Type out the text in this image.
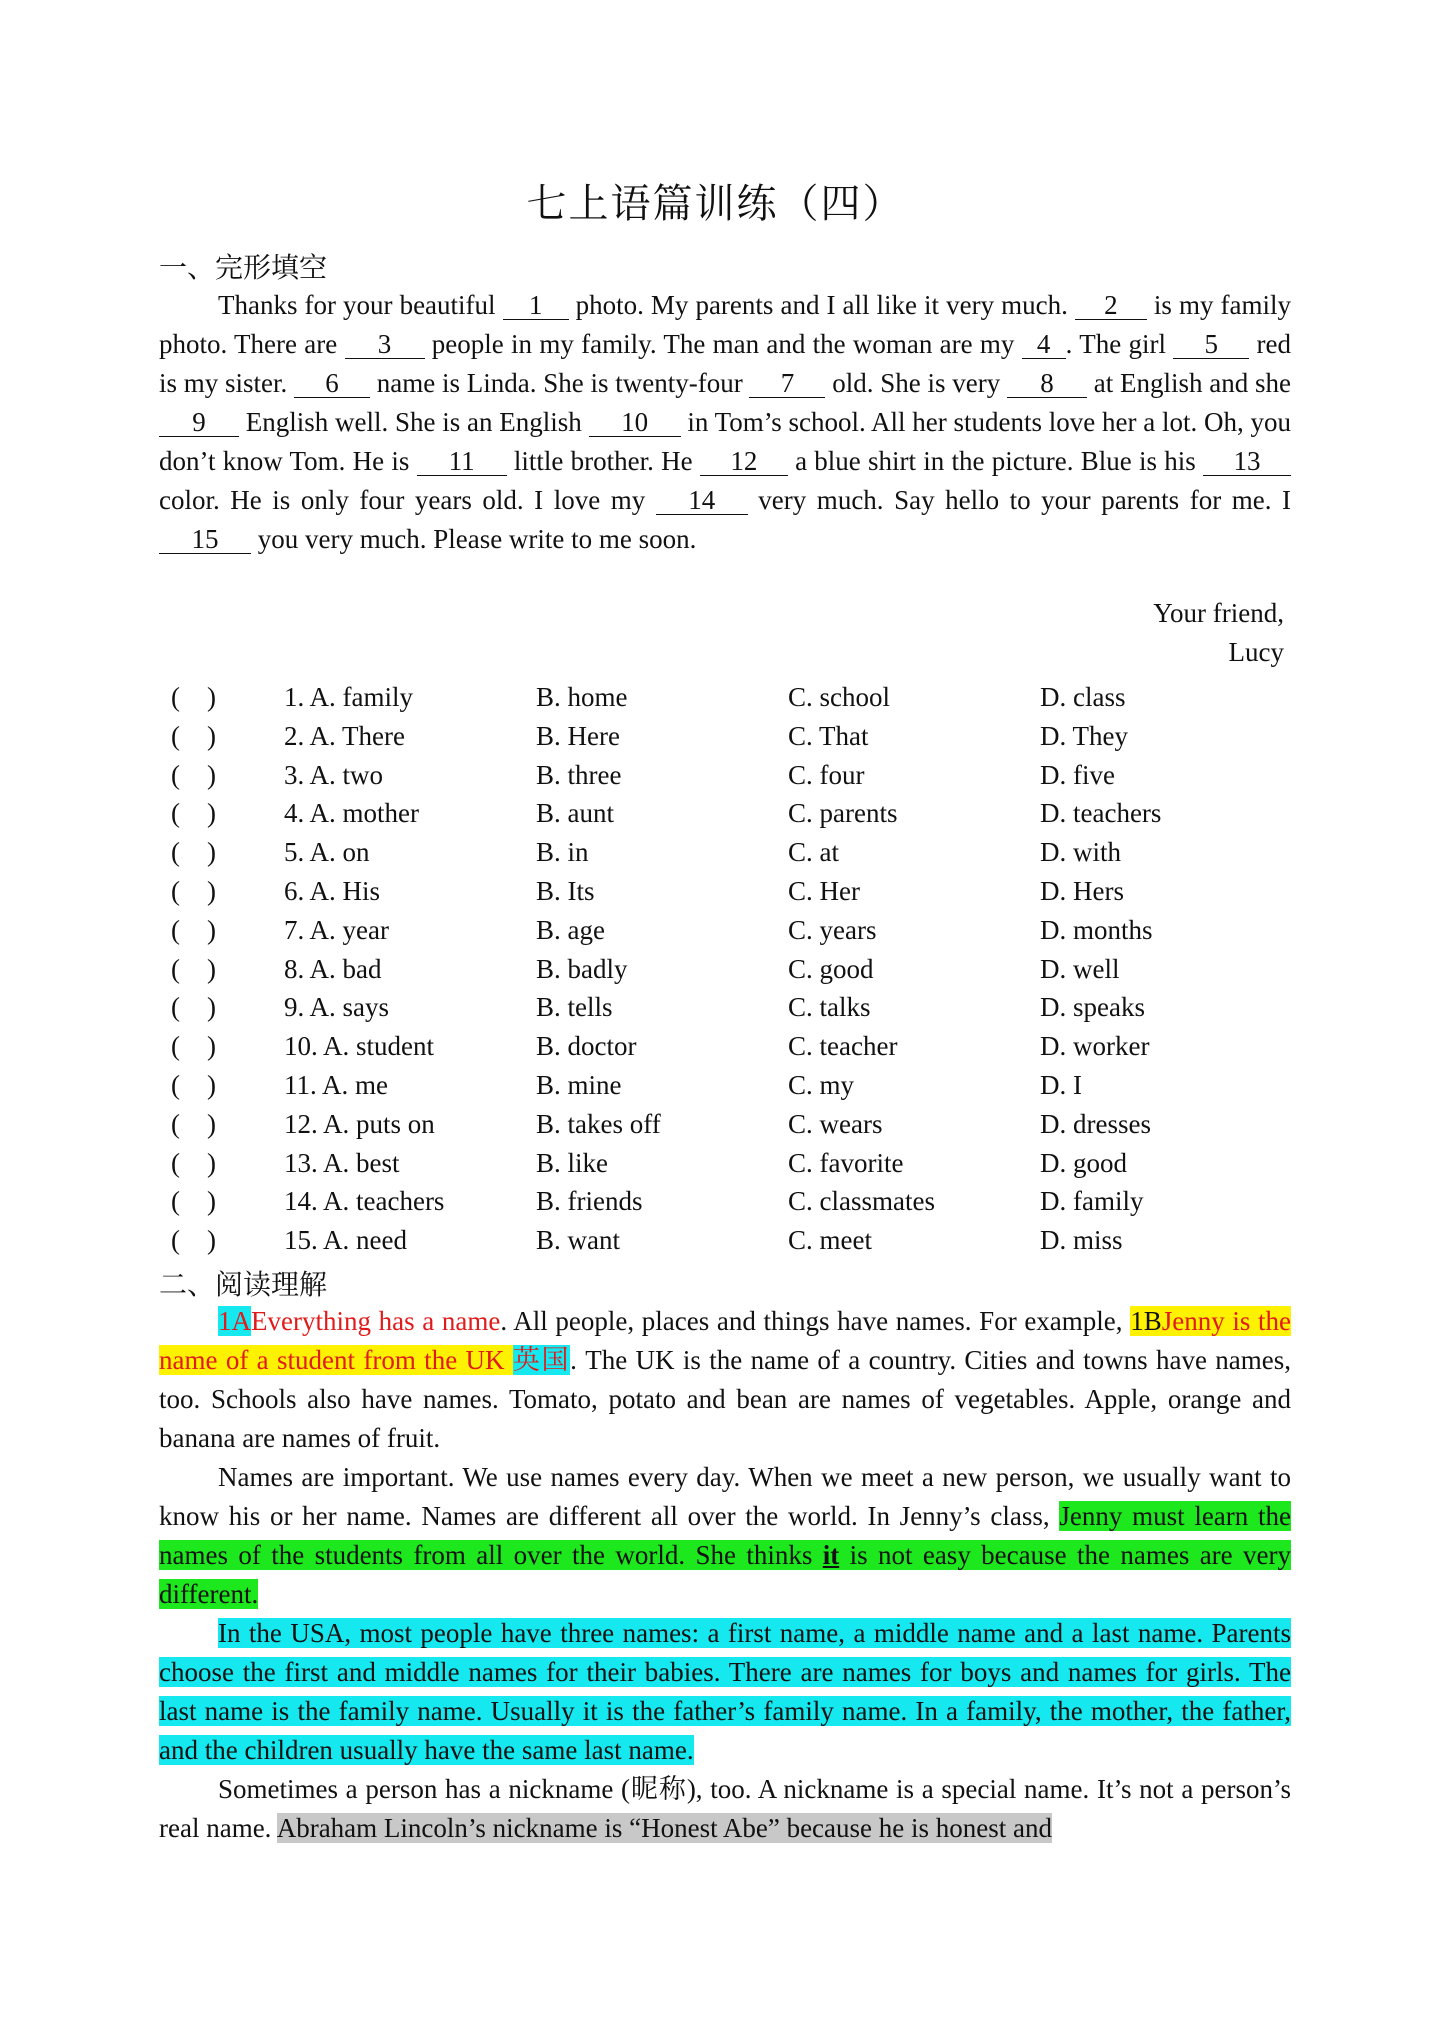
七上语篇训练（四）
一、完形填空

Thanks for your beautiful 1 photo. My parents and I all like it very much. 2 is my family photo. There are 3 people in my family. The man and the woman are my 4 . The girl 5 red is my sister. 6 name is Linda. She is twenty-four 7 old. She is very 8 at English and she 9 English well. She is an English 10 in Tom’s school. All her students love her a lot. Oh, you don’t know Tom. He is 11 little brother. He 12 a blue shirt in the picture. Blue is his 13 color. He is only four years old. I love my 14 very much. Say hello to your parents for me. I 15 you very much. Please write to me soon.

Your friend,
Lucy
(　)	1. A. family	B. home	C. school	D. class
(　)	2. A. There	B. Here	C. That	D. They
(　)	3. A. two	B. three	C. four	D. five
(　)	4. A. mother	B. aunt	C. parents	D. teachers
(　)	5. A. on	B. in	C. at	D. with
(　)	6. A. His	B. Its	C. Her	D. Hers
(　)	7. A. year	B. age	C. years	D. months
(　)	8. A. bad	B. badly	C. good	D. well
(　)	9. A. says	B. tells	C. talks	D. speaks
(　)	10. A. student	B. doctor	C. teacher	D. worker
(　)	11. A. me	B. mine	C. my	D. I
(　)	12. A. puts on	B. takes off	C. wears	D. dresses
(　)	13. A. best	B. like	C. favorite	D. good
(　)	14. A. teachers	B. friends	C. classmates	D. family
(　)	15. A. need	B. want	C. meet	D. miss
二、阅读理解

1AEverything has a name. All people, places and things have names. For example, 1BJenny is the name of a student from the UK 英国. The UK is the name of a country. Cities and towns have names, too. Schools also have names. Tomato, potato and bean are names of vegetables. Apple, orange and banana are names of fruit.

Names are important. We use names every day. When we meet a new person, we usually want to know his or her name. Names are different all over the world. In Jenny’s class, Jenny must learn the names of the students from all over the world. She thinks it is not easy because the names are very different.

In the USA, most people have three names: a first name, a middle name and a last name. Parents choose the first and middle names for their babies. There are names for boys and names for girls. The last name is the family name. Usually it is the father’s family name. In a family, the mother, the father, and the children usually have the same last name.

Sometimes a person has a nickname (昵称), too. A nickname is a special name. It’s not a person’s real name. Abraham Lincoln’s nickname is “Honest Abe” because he is honest and
